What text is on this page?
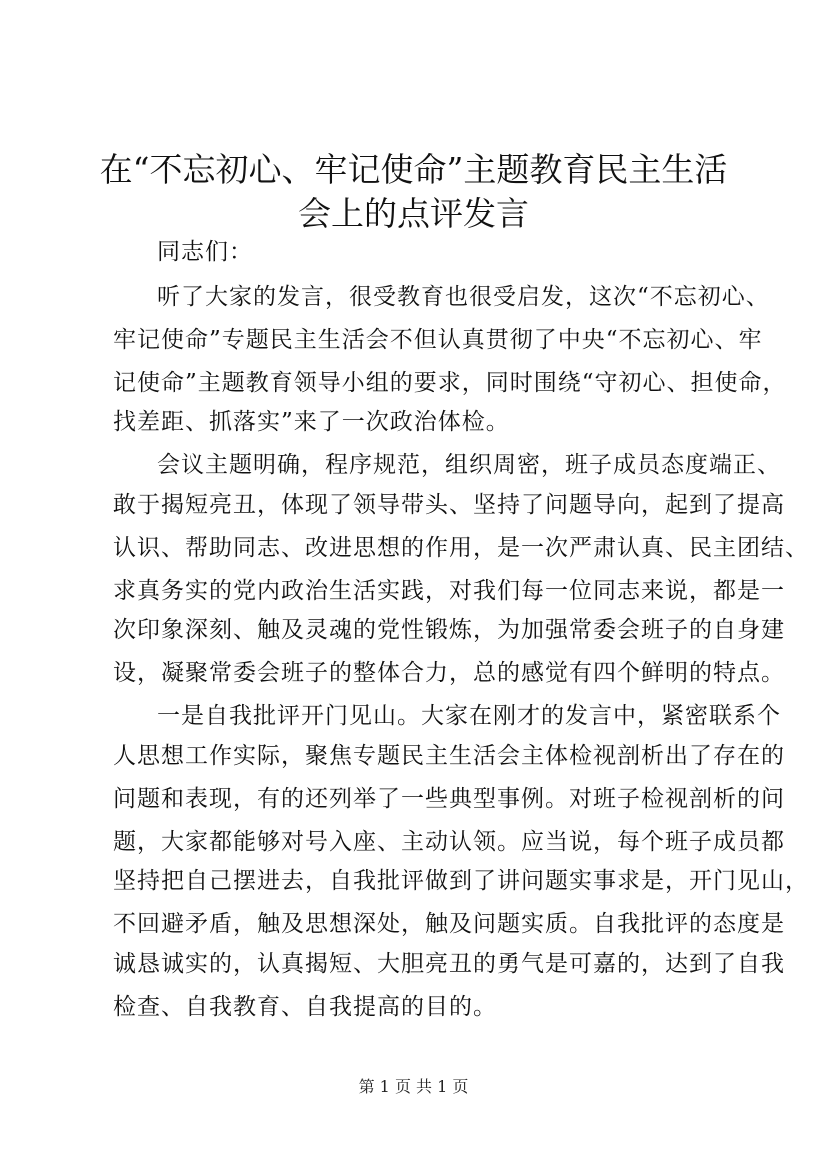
在“不忘初心、牢记使命”主题教育民主生活
会上的点评发言
同志们：
听了大家的发言，很受教育也很受启发，这次“不忘初心、
牢记使命”专题民主生活会不但认真贯彻了中央“不忘初心、牢
记使命”主题教育领导小组的要求，同时围绕“守初心、担使命，
找差距、抓落实”来了一次政治体检。
会议主题明确，程序规范，组织周密，班子成员态度端正、
敢于揭短亮丑，体现了领导带头、坚持了问题导向，起到了提高
认识、帮助同志、改进思想的作用，是一次严肃认真、民主团结、
求真务实的党内政治生活实践，对我们每一位同志来说，都是一
次印象深刻、触及灵魂的党性锻炼，为加强常委会班子的自身建
设，凝聚常委会班子的整体合力，总的感觉有四个鲜明的特点。
一是自我批评开门见山。大家在刚才的发言中，紧密联系个
人思想工作实际，聚焦专题民主生活会主体检视剖析出了存在的
问题和表现，有的还列举了一些典型事例。对班子检视剖析的问
题，大家都能够对号入座、主动认领。应当说，每个班子成员都
坚持把自己摆进去，自我批评做到了讲问题实事求是，开门见山，
不回避矛盾，触及思想深处，触及问题实质。自我批评的态度是
诚恳诚实的，认真揭短、大胆亮丑的勇气是可嘉的，达到了自我
检查、自我教育、自我提高的目的。
第 1 页 共 1 页
